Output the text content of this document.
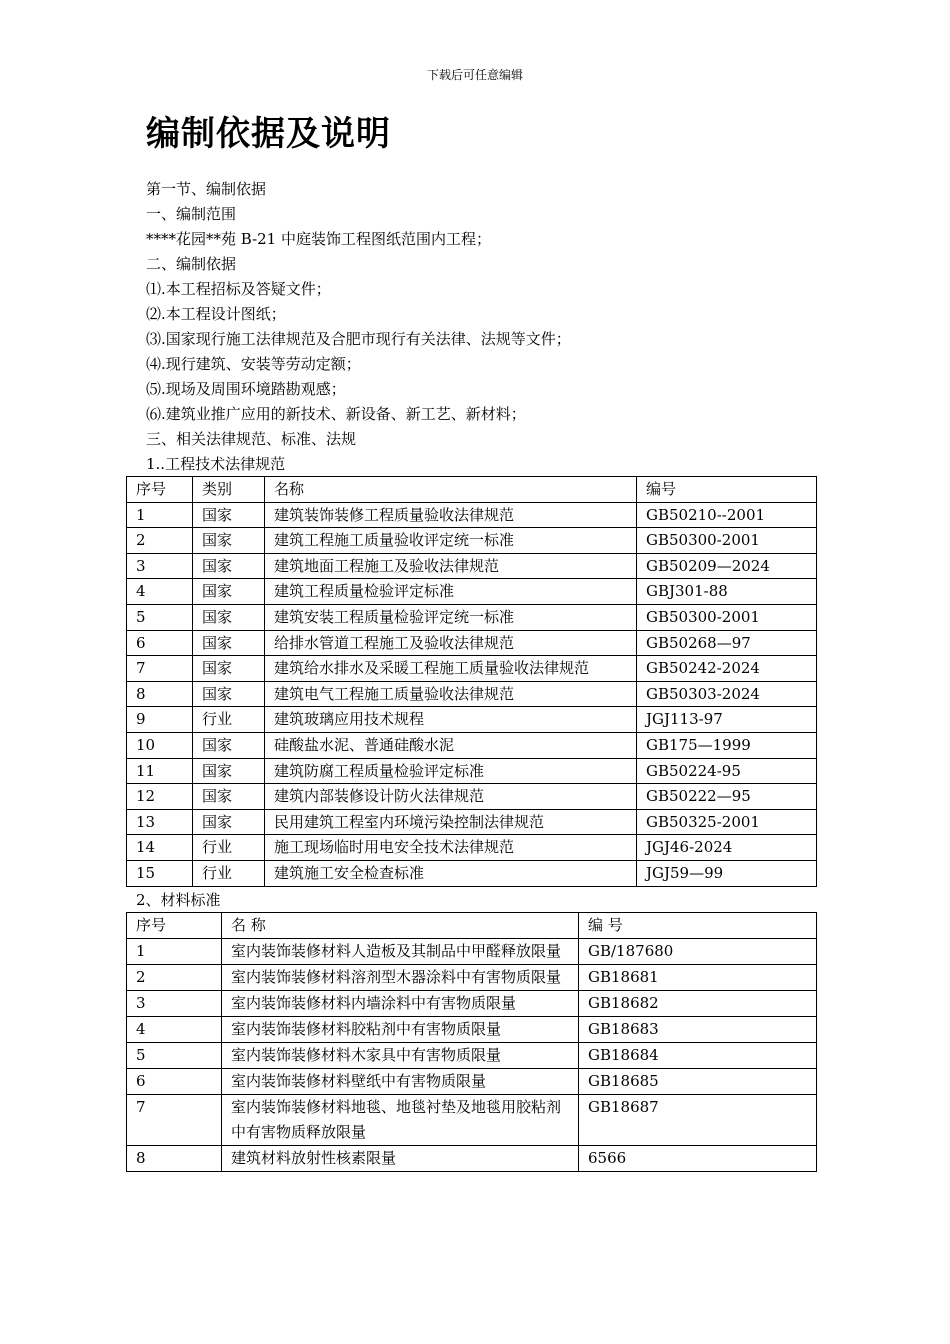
下载后可任意编辑
编制依据及说明
第一节、编制依据
一、编制范围
****花园**苑 B-21 中庭装饰工程图纸范围内工程；
二、编制依据
⑴.本工程招标及答疑文件；
⑵.本工程设计图纸；
⑶.国家现行施工法律规范及合肥市现行有关法律、法规等文件；
⑷.现行建筑、安装等劳动定额；
⑸.现场及周围环境踏勘观感；
⑹.建筑业推广应用的新技术、新设备、新工艺、新材料；
三、相关法律规范、标准、法规
1..工程技术法律规范
序号	类别	名称	编号
1	国家	建筑装饰装修工程质量验收法律规范	GB50210--2001
2	国家	建筑工程施工质量验收评定统一标准	GB50300-2001
3	国家	建筑地面工程施工及验收法律规范	GB50209—2024
4	国家	建筑工程质量检验评定标准	GBJ301-88
5	国家	建筑安装工程质量检验评定统一标准	GB50300-2001
6	国家	给排水管道工程施工及验收法律规范	GB50268—97
7	国家	建筑给水排水及采暖工程施工质量验收法律规范	GB50242-2024
8	国家	建筑电气工程施工质量验收法律规范	GB50303-2024
9	行业	建筑玻璃应用技术规程	JGJ113-97
10	国家	硅酸盐水泥、普通硅酸水泥	GB175—1999
11	国家	建筑防腐工程质量检验评定标准	GB50224-95
12	国家	建筑内部装修设计防火法律规范	GB50222—95
13	国家	民用建筑工程室内环境污染控制法律规范	GB50325-2001
14	行业	施工现场临时用电安全技术法律规范	JGJ46-2024
15	行业	建筑施工安全检查标准	JGJ59—99
2、材料标准
序号	名 称	编 号
1	室内装饰装修材料人造板及其制品中甲醛释放限量	GB/187680
2	室内装饰装修材料溶剂型木器涂料中有害物质限量	GB18681
3	室内装饰装修材料内墙涂料中有害物质限量	GB18682
4	室内装饰装修材料胶粘剂中有害物质限量	GB18683
5	室内装饰装修材料木家具中有害物质限量	GB18684
6	室内装饰装修材料壁纸中有害物质限量	GB18685
7	室内装饰装修材料地毯、地毯衬垫及地毯用胶粘剂中有害物质释放限量	GB18687
8	建筑材料放射性核素限量	6566
